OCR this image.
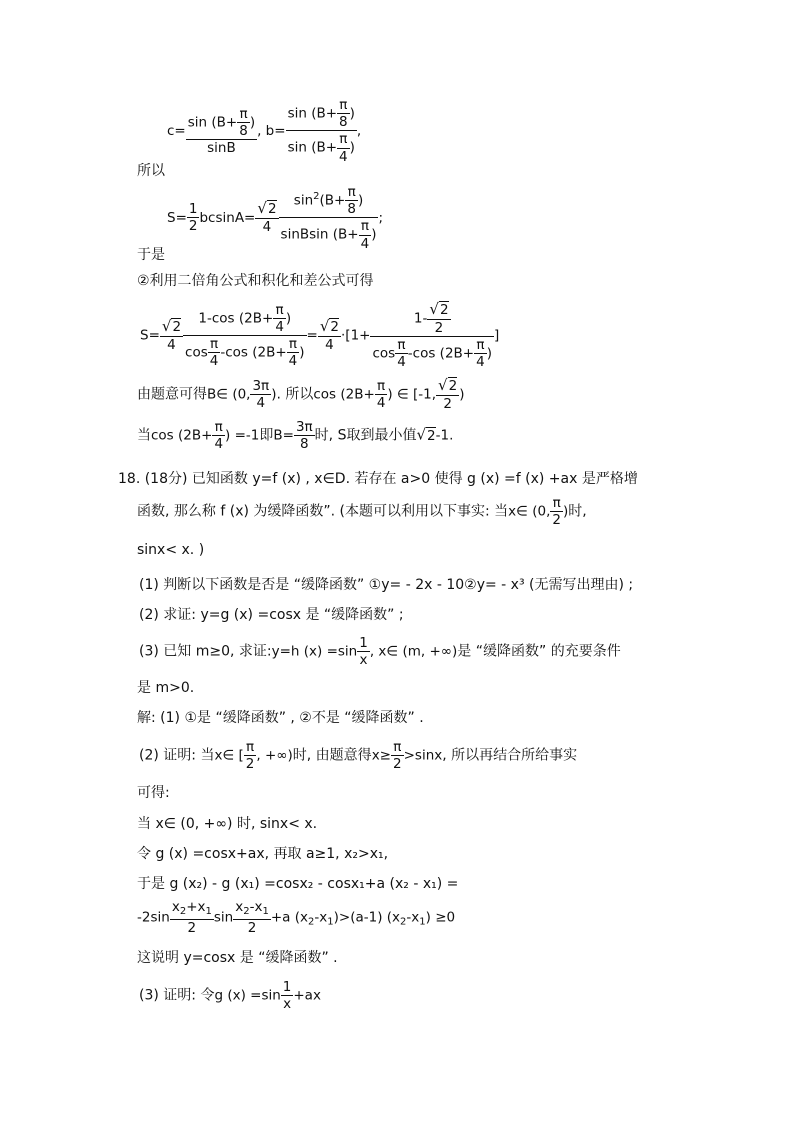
$c= \frac{\sin (B+ \frac{\pi}{8} )}{\sin B}$ , $b= \frac{\sin (B+ \frac{\pi}{8} )}{\sin (B+ \frac{\pi}{4} )}$ ,
所以
$S= \frac{1}{2} bcsinA= \frac{√2}{4} \frac{\sin^2(B+ \frac{\pi}{8} )}{sinBsin (B+ \frac{\pi}{4} )}$ ;
于是
②利用二倍角公式和积化和差公式可得
$S= \frac{√2}{4} \frac{1-\cos (2B+ \frac{\pi}{4} )}{\cos \frac{\pi}{4} -\cos (2B+ \frac{\pi}{4} )} = \frac{√2}{4} \cdot[1+ \frac{1- \frac{√2}{2}}{\cos \frac{\pi}{4} -\cos (2B+ \frac{\pi}{4} )}$ ]
由题意可得B∈ (0, $\frac{3\pi}{4}$ ). 所以$\cos (2B+ \frac{\pi}{4}$ ) ∈ [-1, $\frac{√2}{2}$ )
当$\cos (2B+ \frac{\pi}{4}$ ) =-1即$B= \frac{3\pi}{8}$ 时, S取到最小值√2-1.
18. (18分) 已知函数 y=f (x) , x∈D. 若存在 a>0 使得 g (x) =f (x) +ax 是严格增
函数, 那么称 f (x) 为缓降函数”. (本题可以利用以下事实: 当x∈ (0, $\frac{\pi}{2}$ )时,
sinx< x. )
(1) 判断以下函数是否是 “缓降函数” ①y= - 2x - 10②y= - x³ (无需写出理由) ;
(2) 求证: y=g (x) =cosx 是 “缓降函数” ;
(3) 已知 m≥0, 求证:y=h $(x) =\sin \frac{1}{x}$ , x∈ (m, +∞)是 “缓降函数” 的充要条件
是 m>0.
解: (1) ①是 “缓降函数” , ②不是 “缓降函数” .
(2) 证明: 当x∈ [ $\frac{\pi}{2}$ , +∞)时, 由题意得$x\ge \frac{\pi}{2} >\sin x$, 所以再结合所给事实
可得:
当 x∈ (0, +∞) 时, sinx< x.
令 g (x) =cosx+ax, 再取 a≥1, x₂>x₁,
于是 g (x₂) - g (x₁) =cosx₂ - cosx₁+a (x₂ - x₁) =
$-2\sin \frac{x_2+x_1}{2}$ $\sin \frac{x_2-x_1}{2} +a$ $(x_2-x_1)>(a-1)$ $(x_2-x_1) \ge 0$
这说明 y=cosx 是 “缓降函数” .
(3) 证明: 令g $(x) =\sin \frac{1}{x} +ax$
